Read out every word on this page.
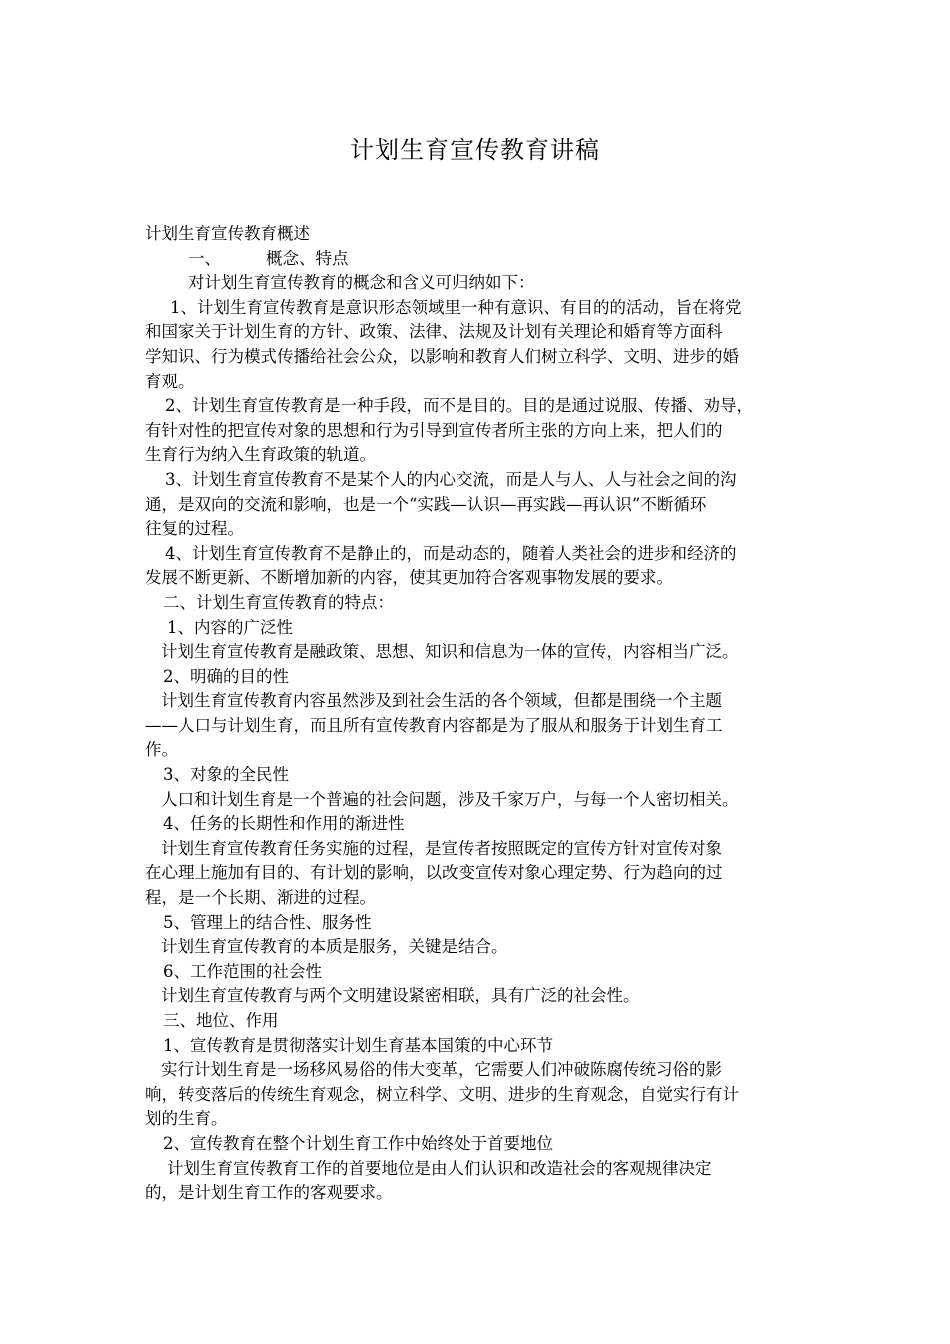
计划生育宣传教育讲稿

计划生育宣传教育概述

一、	概念、特点

对计划生育宣传教育的概念和含义可归纳如下：

1、计划生育宣传教育是意识形态领域里一种有意识、有目的的活动，旨在将党

和国家关于计划生育的方针、政策、法律、法规及计划有关理论和婚育等方面科

学知识、行为模式传播给社会公众，以影响和教育人们树立科学、文明、进步的婚

育观。

2、计划生育宣传教育是一种手段，而不是目的。目的是通过说服、传播、劝导，

有针对性的把宣传对象的思想和行为引导到宣传者所主张的方向上来，把人们的

生育行为纳入生育政策的轨道。

3、计划生育宣传教育不是某个人的内心交流，而是人与人、人与社会之间的沟

通，是双向的交流和影响，也是一个“实践—认识—再实践—再认识”不断循环

往复的过程。

4、计划生育宣传教育不是静止的，而是动态的，随着人类社会的进步和经济的

发展不断更新、不断增加新的内容，使其更加符合客观事物发展的要求。

二、计划生育宣传教育的特点：

1、内容的广泛性

计划生育宣传教育是融政策、思想、知识和信息为一体的宣传，内容相当广泛。

2、明确的目的性

计划生育宣传教育内容虽然涉及到社会生活的各个领域，但都是围绕一个主题

——人口与计划生育，而且所有宣传教育内容都是为了服从和服务于计划生育工

作。

3、对象的全民性

人口和计划生育是一个普遍的社会问题，涉及千家万户，与每一个人密切相关。

4、任务的长期性和作用的渐进性

计划生育宣传教育任务实施的过程，是宣传者按照既定的宣传方针对宣传对象

在心理上施加有目的、有计划的影响，以改变宣传对象心理定势、行为趋向的过

程，是一个长期、渐进的过程。

5、管理上的结合性、服务性

计划生育宣传教育的本质是服务，关键是结合。

6、工作范围的社会性

计划生育宣传教育与两个文明建设紧密相联，具有广泛的社会性。

三、地位、作用

1、宣传教育是贯彻落实计划生育基本国策的中心环节

实行计划生育是一场移风易俗的伟大变革，它需要人们冲破陈腐传统习俗的影

响，转变落后的传统生育观念，树立科学、文明、进步的生育观念，自觉实行有计

划的生育。

2、宣传教育在整个计划生育工作中始终处于首要地位

计划生育宣传教育工作的首要地位是由人们认识和改造社会的客观规律决定

的，是计划生育工作的客观要求。
